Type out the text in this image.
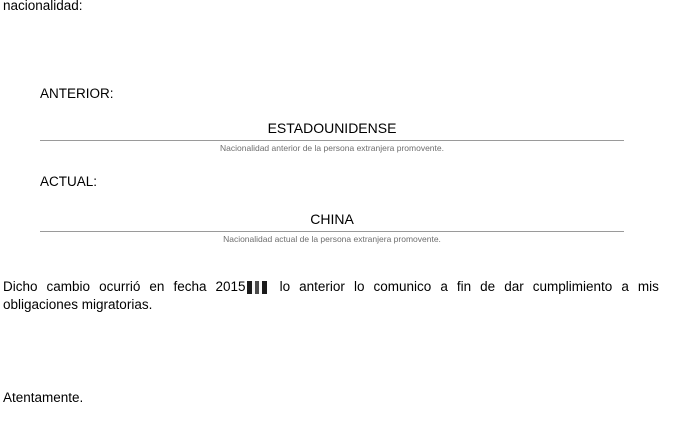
nacionalidad:
ANTERIOR:
ESTADOUNIDENSE
Nacionalidad anterior de la persona extranjera promovente.
ACTUAL:
CHINA
Nacionalidad actual de la persona extranjera promovente.
Dicho cambio ocurrió en fecha 2015	lo anterior lo comunico a fin de dar cumplimiento a mis
obligaciones migratorias.
Atentamente.
